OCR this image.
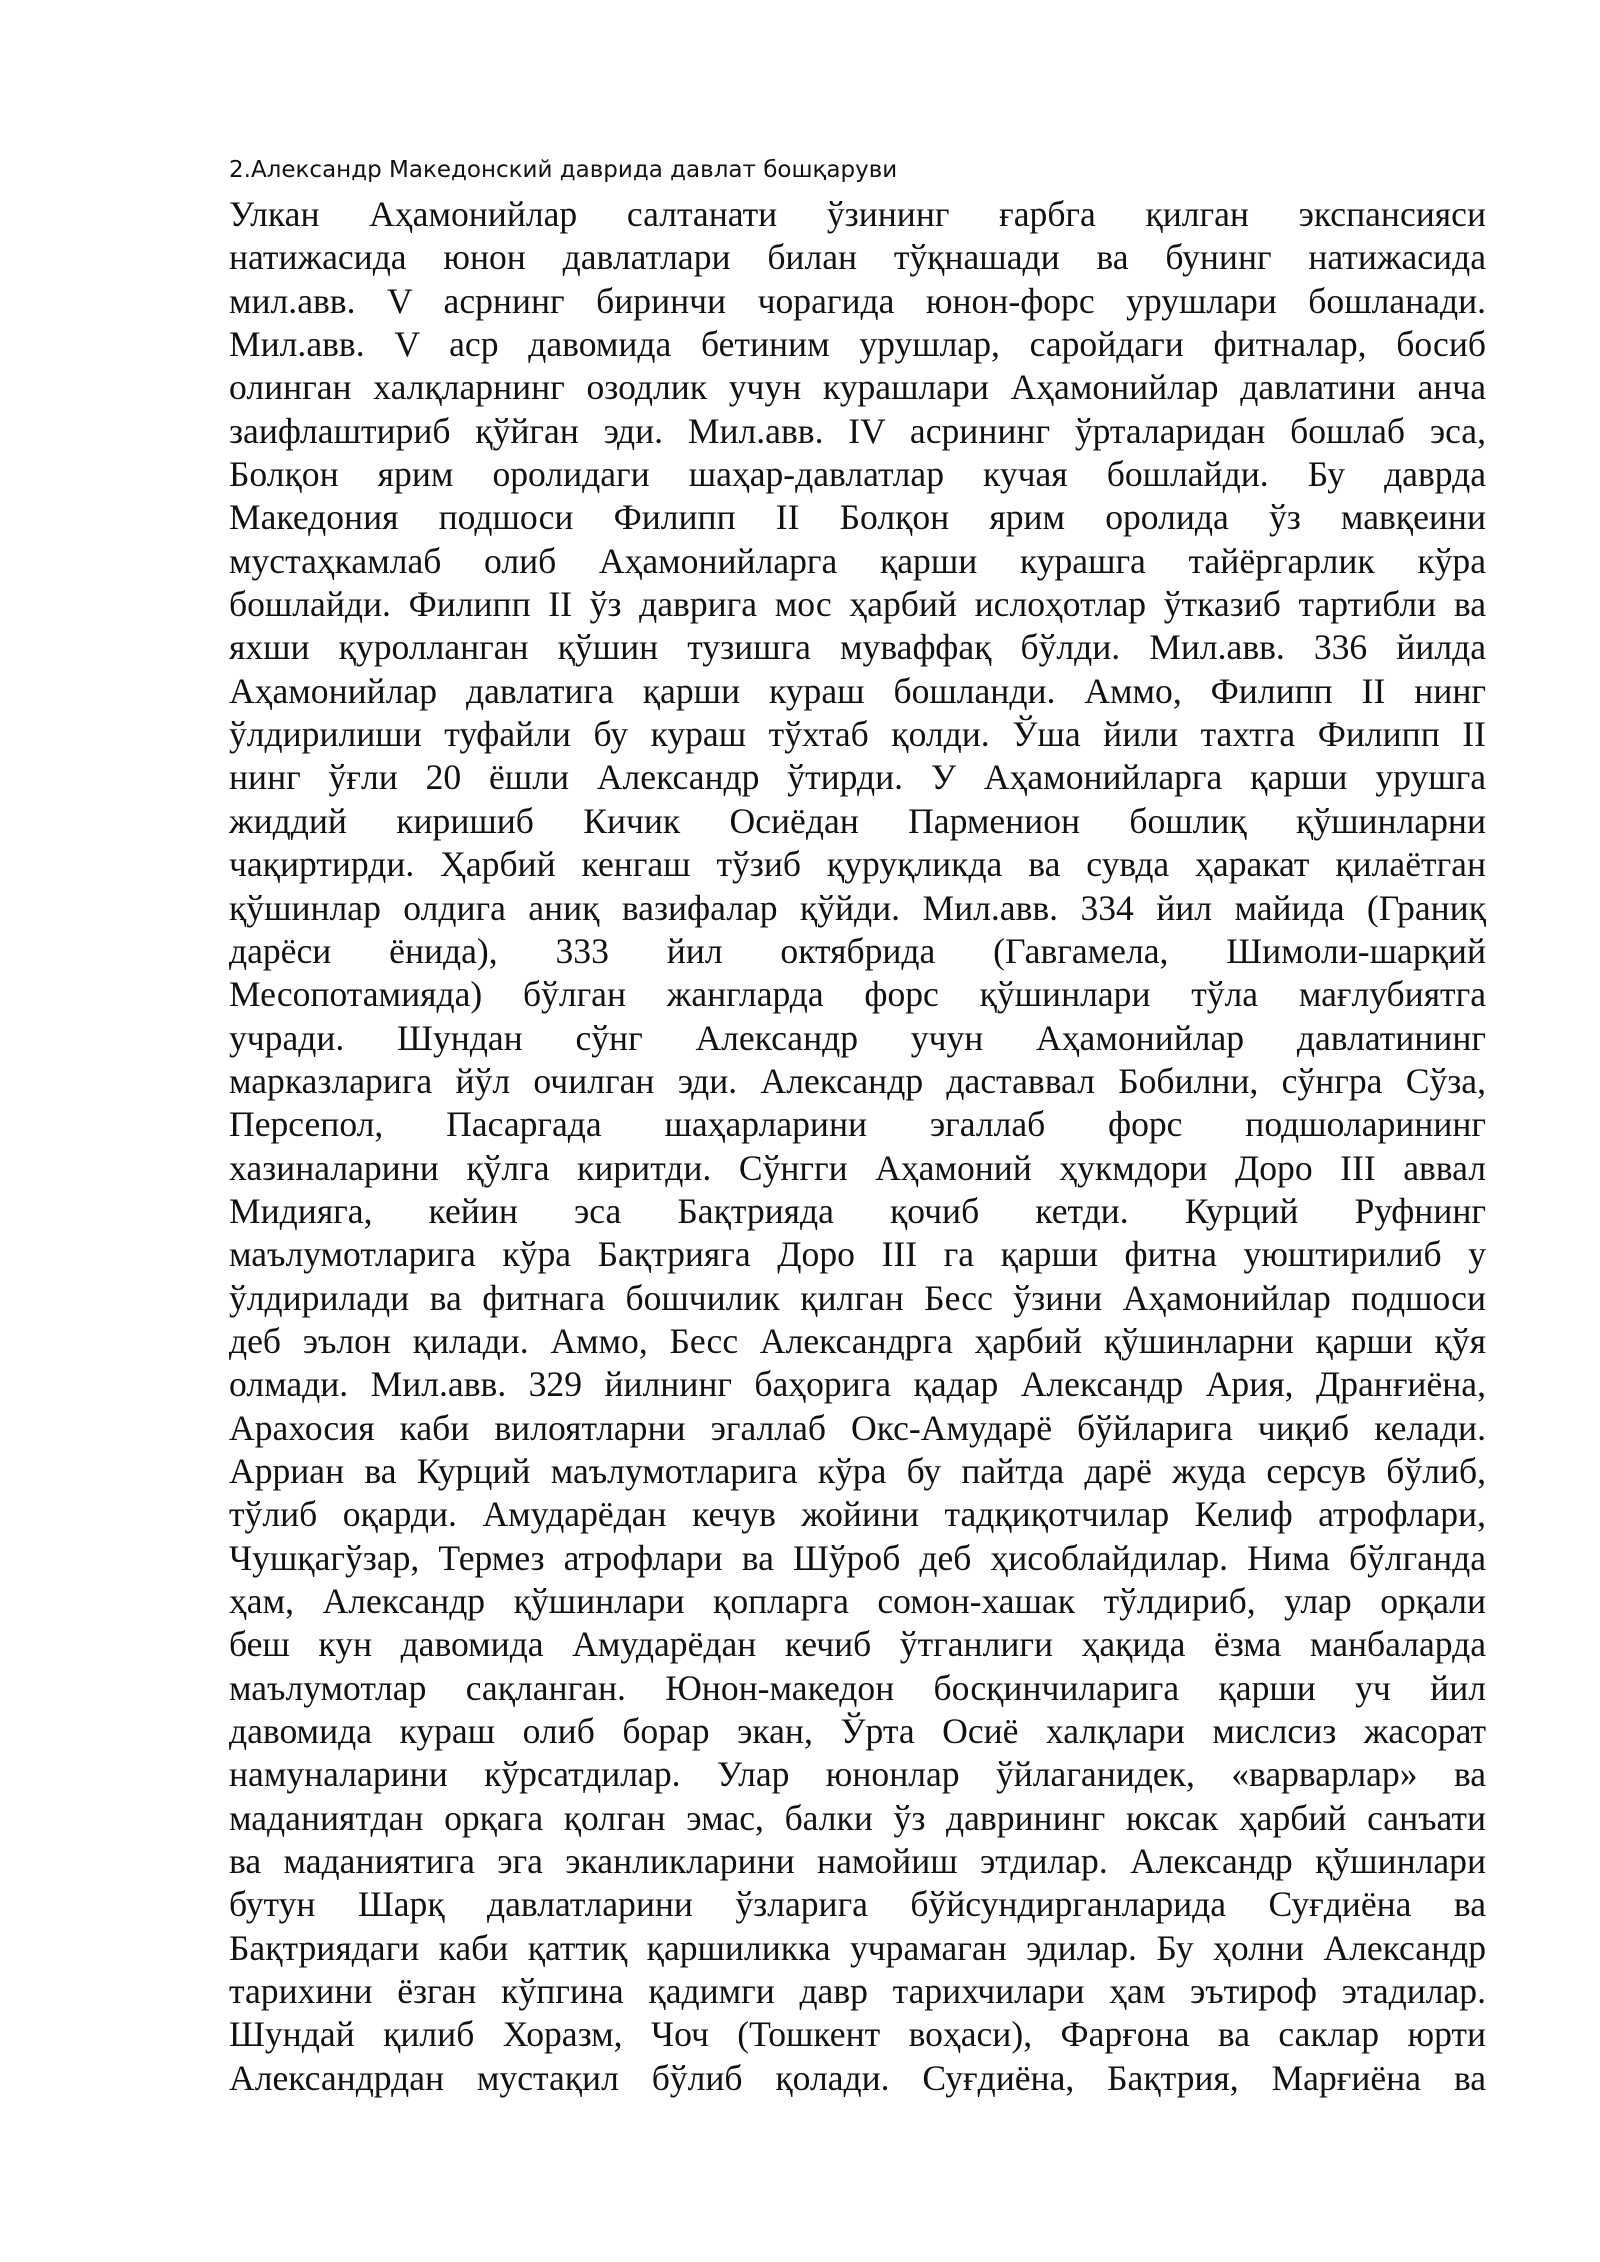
2.Александр Македонский даврида давлат бошқаруви
Улкан Аҳамонийлар салтанати ўзининг ғарбга қилган экспансияси
натижасида юнон давлатлари билан тўқнашади ва бунинг натижасида
мил.авв. V асрнинг биринчи чорагида юнон-форс урушлари бошланади.
Мил.авв. V аср давомида бетиним урушлар, саройдаги фитналар, босиб
олинган халқларнинг озодлик учун курашлари Аҳамонийлар давлатини анча
заифлаштириб қўйган эди. Мил.авв. IV асрининг ўрталаридан бошлаб эса,
Болқон ярим оролидаги шаҳар-давлатлар кучая бошлайди. Бу даврда
Македония подшоси Филипп II Болқон ярим оролида ўз мавқеини
мустаҳкамлаб олиб Аҳамонийларга қарши курашга тайёргарлик кўра
бошлайди. Филипп II ўз даврига мос ҳарбий ислоҳотлар ўтказиб тартибли ва
яхши қуролланган қўшин тузишга муваффақ бўлди. Мил.авв. 336 йилда
Аҳамонийлар давлатига қарши кураш бошланди. Аммо, Филипп II нинг
ўлдирилиши туфайли бу кураш тўхтаб қолди. Ўша йили тахтга Филипп II
нинг ўғли 20 ёшли Александр ўтирди. У Аҳамонийларга қарши урушга
жиддий киришиб Кичик Осиёдан Парменион бошлиқ қўшинларни
чақиртирди. Ҳарбий кенгаш тўзиб қуруқликда ва сувда ҳаракат қилаётган
қўшинлар олдига аниқ вазифалар қўйди. Мил.авв. 334 йил майида (Граниқ
дарёси ёнида), 333 йил октябрида (Гавгамела, Шимоли-шарқий
Месопотамияда) бўлган жангларда форс қўшинлари тўла мағлубиятга
учради. Шундан сўнг Александр учун Аҳамонийлар давлатининг
марказларига йўл очилган эди. Александр даставвал Бобилни, сўнгра Сўза,
Персепол, Пасаргада шаҳарларини эгаллаб форс подшоларининг
хазиналарини қўлга киритди. Сўнгги Аҳамоний ҳукмдори Доро III аввал
Мидияга, кейин эса Бақтрияда қочиб кетди. Курций Руфнинг
маълумотларига кўра Бақтрияга Доро III га қарши фитна уюштирилиб у
ўлдирилади ва фитнага бошчилик қилган Бесс ўзини Аҳамонийлар подшоси
деб эълон қилади. Аммо, Бесс Александрга ҳарбий қўшинларни қарши қўя
олмади. Мил.авв. 329 йилнинг баҳорига қадар Александр Ария, Дранғиёна,
Арахосия каби вилоятларни эгаллаб Окс-Амударё бўйларига чиқиб келади.
Арриан ва Курций маълумотларига кўра бу пайтда дарё жуда серсув бўлиб,
тўлиб оқарди. Амударёдан кечув жойини тадқиқотчилар Келиф атрофлари,
Чушқагўзар, Термез атрофлари ва Шўроб деб ҳисоблайдилар. Нима бўлганда
ҳам, Александр қўшинлари қопларга сомон-хашак тўлдириб, улар орқали
беш кун давомида Амударёдан кечиб ўтганлиги ҳақида ёзма манбаларда
маълумотлар сақланган. Юнон-македон босқинчиларига қарши уч йил
давомида кураш олиб борар экан, Ўрта Осиё халқлари мислсиз жасорат
намуналарини кўрсатдилар. Улар юнонлар ўйлаганидек, «варварлар» ва
маданиятдан орқага қолган эмас, балки ўз даврининг юксак ҳарбий санъати
ва маданиятига эга эканликларини намойиш этдилар. Александр қўшинлари
бутун Шарқ давлатларини ўзларига бўйсундирганларида Суғдиёна ва
Бақтриядаги каби қаттиқ қаршиликка учрамаган эдилар. Бу ҳолни Александр
тарихини ёзган кўпгина қадимги давр тарихчилари ҳам эътироф этадилар.
Шундай қилиб Хоразм, Чоч (Тошкент воҳаси), Фарғона ва саклар юрти
Александрдан мустақил бўлиб қолади. Суғдиёна, Бақтрия, Марғиёна ва
